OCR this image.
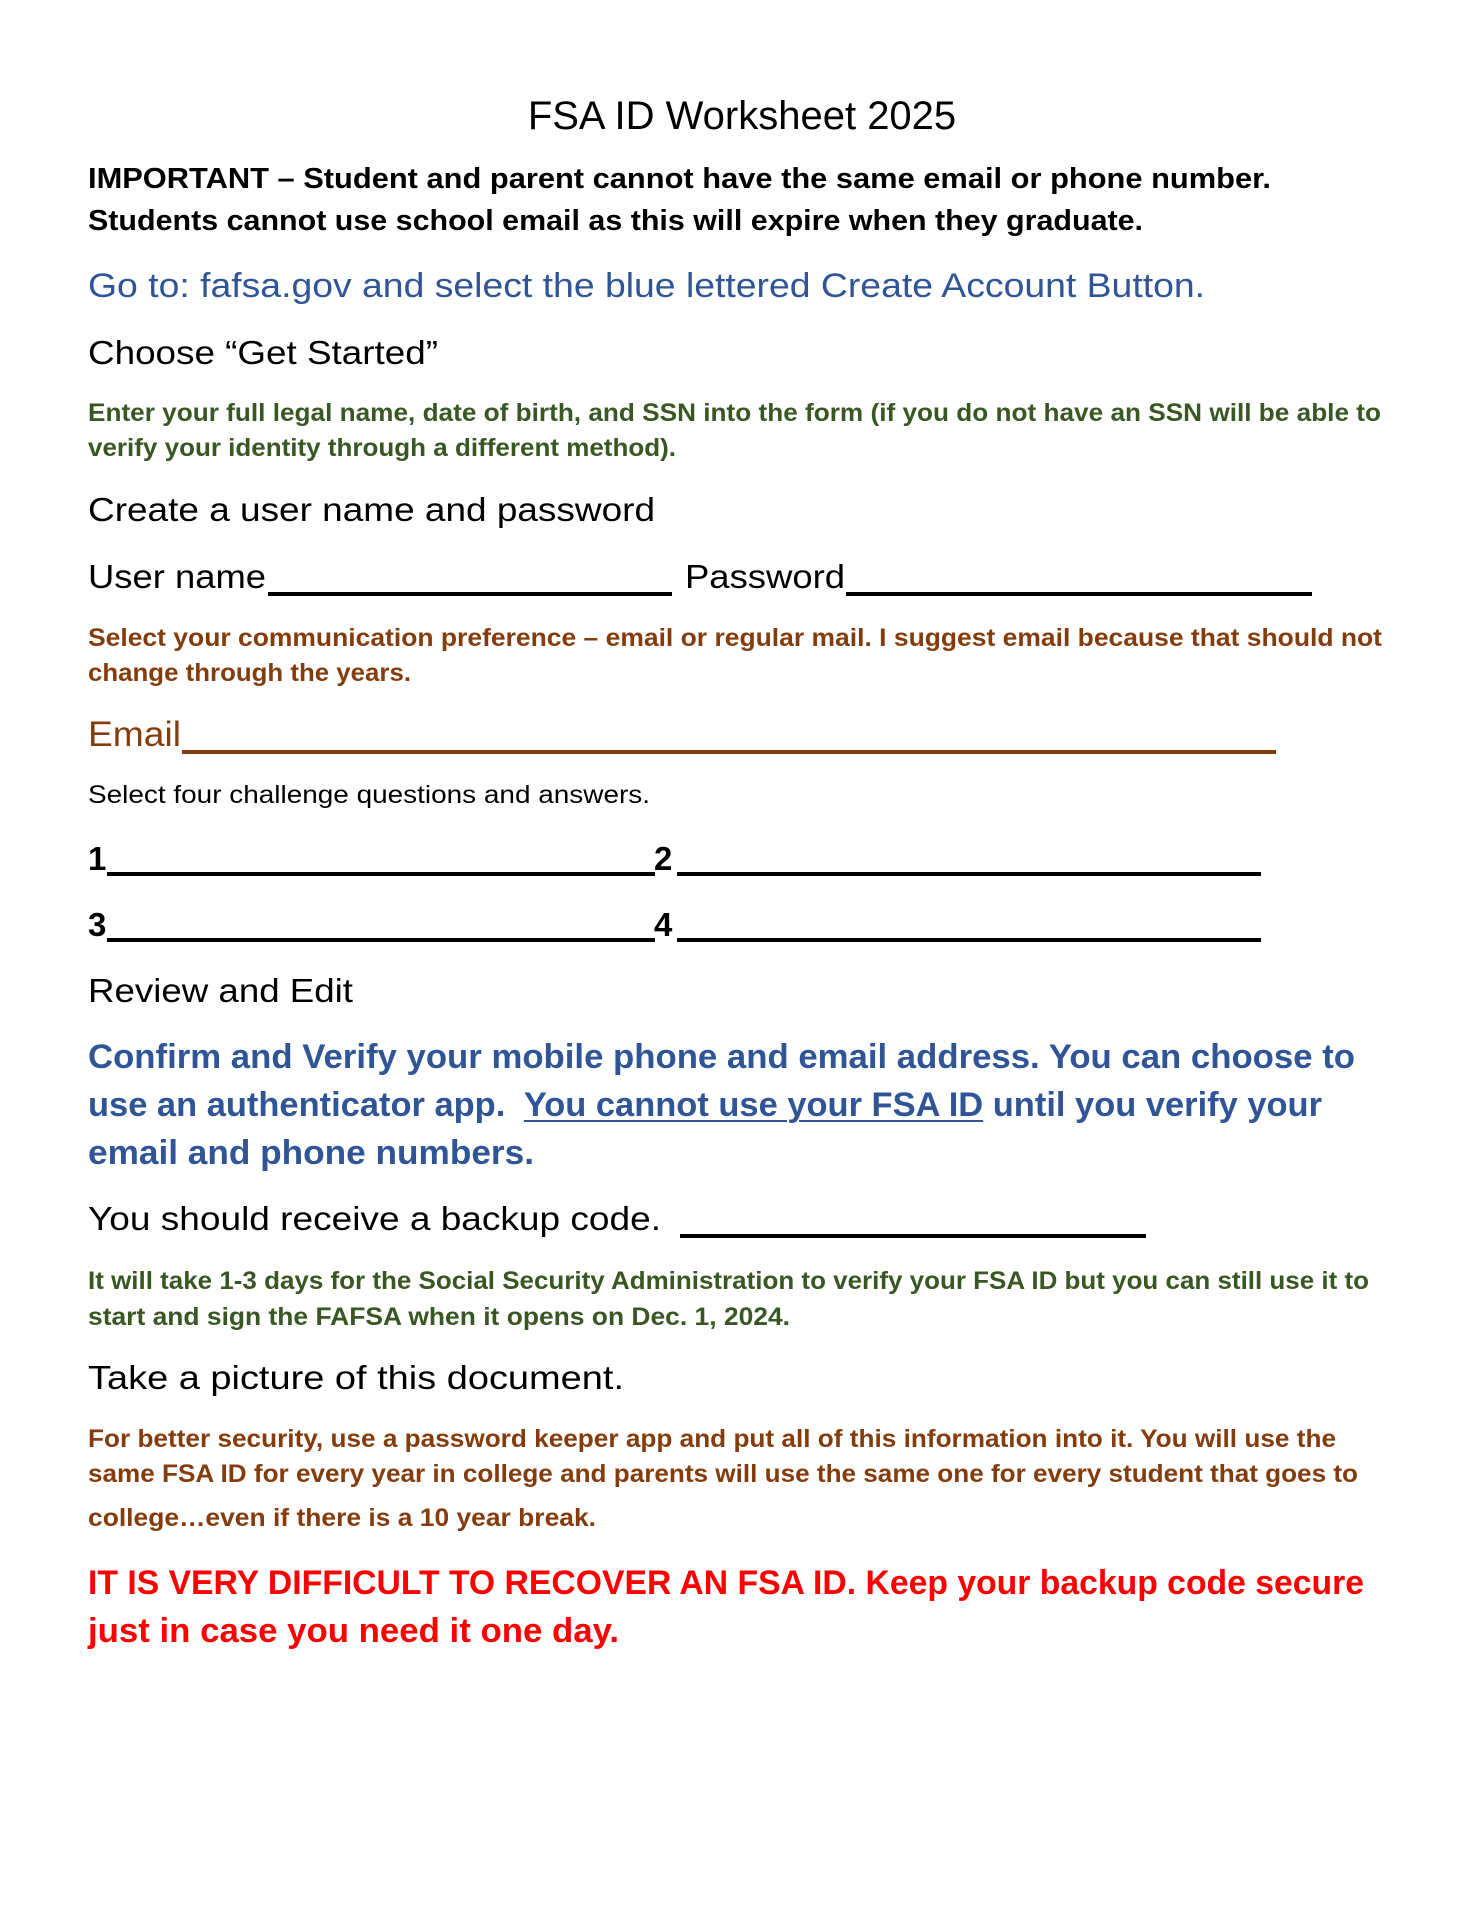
FSA ID Worksheet 2025
IMPORTANT – Student and parent cannot have the same email or phone number.
Students cannot use school email as this will expire when they graduate.
Go to: fafsa.gov and select the blue lettered Create Account Button.
Choose “Get Started”
Enter your full legal name, date of birth, and SSN into the form (if you do not have an SSN will be able to
verify your identity through a different method).
Create a user name and password
User name	Password
Select your communication preference – email or regular mail. I suggest email because that should not
change through the years.
Email
Select four challenge questions and answers.
1	2
3	4
Review and Edit
Confirm and Verify your mobile phone and email address. You can choose to
use an authenticator app.  You cannot use your FSA ID until you verify your
email and phone numbers.
You should receive a backup code.
It will take 1-3 days for the Social Security Administration to verify your FSA ID but you can still use it to
start and sign the FAFSA when it opens on Dec. 1, 2024.
Take a picture of this document.
For better security, use a password keeper app and put all of this information into it. You will use the
same FSA ID for every year in college and parents will use the same one for every student that goes to
college…even if there is a 10 year break.
IT IS VERY DIFFICULT TO RECOVER AN FSA ID. Keep your backup code secure
just in case you need it one day.
